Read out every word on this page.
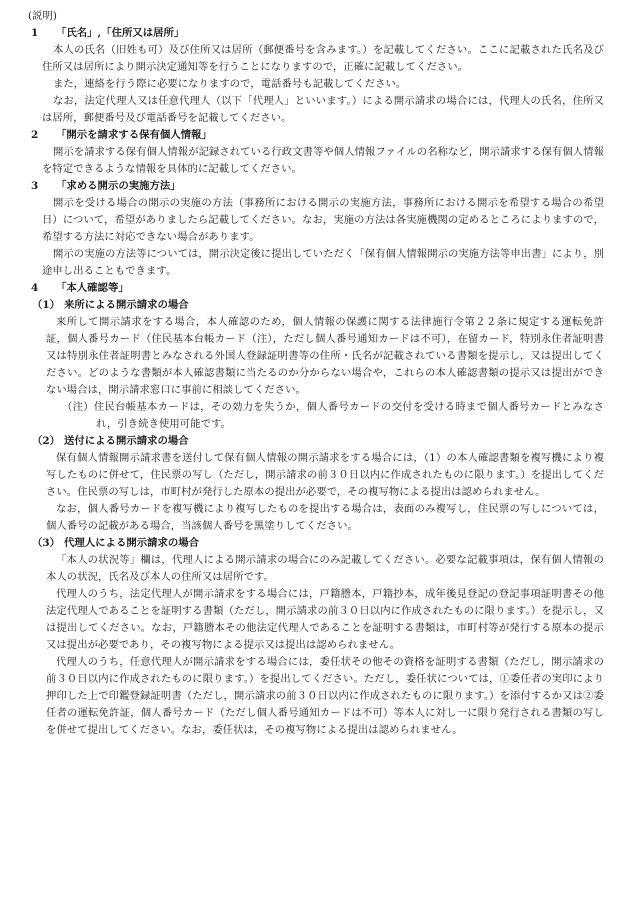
(説明)

1 「氏名」,「住所又は居所」

本人の氏名（旧姓も可）及び住所又は居所（郵便番号を含みます。）を記載してください。ここに記載された氏名及び住所又は居所により開示決定通知等を行うことになりますので，正確に記載してください。

また，連絡を行う際に必要になりますので，電話番号も記載してください。

なお，法定代理人又は任意代理人（以下「代理人」といいます。）による開示請求の場合には，代理人の氏名，住所又は居所，郵便番号及び電話番号を記載してください。

2 「開示を請求する保有個人情報」

開示を請求する保有個人情報が記録されている行政文書等や個人情報ファイルの名称など，開示請求する保有個人情報を特定できるような情報を具体的に記載してください。

3 「求める開示の実施方法」

開示を受ける場合の開示の実施の方法（事務所における開示の実施方法，事務所における開示を希望する場合の希望日）について，希望がありましたら記載してください。なお，実施の方法は各実施機関の定めるところによりますので，希望する方法に対応できない場合があります。

開示の実施の方法等については，開示決定後に提出していただく「保有個人情報開示の実施方法等申出書」により，別途申し出ることもできます。

4 「本人確認等」

（1） 来所による開示請求の場合

来所して開示請求をする場合，本人確認のため，個人情報の保護に関する法律施行令第２２条に規定する運転免許証，個人番号カード（住民基本台帳カード（注），ただし個人番号通知カードは不可），在留カード，特別永住者証明書又は特別永住者証明書とみなされる外国人登録証明書等の住所・氏名が記載されている書類を提示し，又は提出してください。どのような書類が本人確認書類に当たるのか分からない場合や，これらの本人確認書類の提示又は提出ができない場合は，開示請求窓口に事前に相談してください。

（注）住民台帳基本カードは，その効力を失うか，個人番号カードの交付を受ける時まで個人番号カードとみなされ，引き続き使用可能です。

（2） 送付による開示請求の場合

保有個人情報開示請求書を送付して保有個人情報の開示請求をする場合には，（1）の本人確認書類を複写機により複写したものに併せて，住民票の写し（ただし，開示請求の前３０日以内に作成されたものに限ります。）を提出してください。住民票の写しは，市町村が発行した原本の提出が必要で，その複写物による提出は認められません。

なお，個人番号カードを複写機により複写したものを提出する場合は，表面のみ複写し，住民票の写しについては，個人番号の記載がある場合，当該個人番号を黒塗りしてください。

（3） 代理人による開示請求の場合

「本人の状況等」欄は，代理人による開示請求の場合にのみ記載してください。必要な記載事項は，保有個人情報の本人の状況，氏名及び本人の住所又は居所です。

代理人のうち，法定代理人が開示請求をする場合には，戸籍謄本，戸籍抄本，成年後見登記の登記事項証明書その他法定代理人であることを証明する書類（ただし，開示請求の前３０日以内に作成されたものに限ります。）を提示し，又は提出してください。なお，戸籍謄本その他法定代理人であることを証明する書類は，市町村等が発行する原本の提示又は提出が必要であり，その複写物による提示又は提出は認められません。

代理人のうち，任意代理人が開示請求をする場合には，委任状その他その資格を証明する書類（ただし，開示請求の前３０日以内に作成されたものに限ります。）を提出してください。ただし，委任状については，①委任者の実印により押印した上で印鑑登録証明書（ただし，開示請求の前３０日以内に作成されたものに限ります。）を添付するか又は②委任者の運転免許証，個人番号カード（ただし個人番号通知カードは不可）等本人に対し一に限り発行される書類の写しを併せて提出してください。なお，委任状は，その複写物による提出は認められません。
